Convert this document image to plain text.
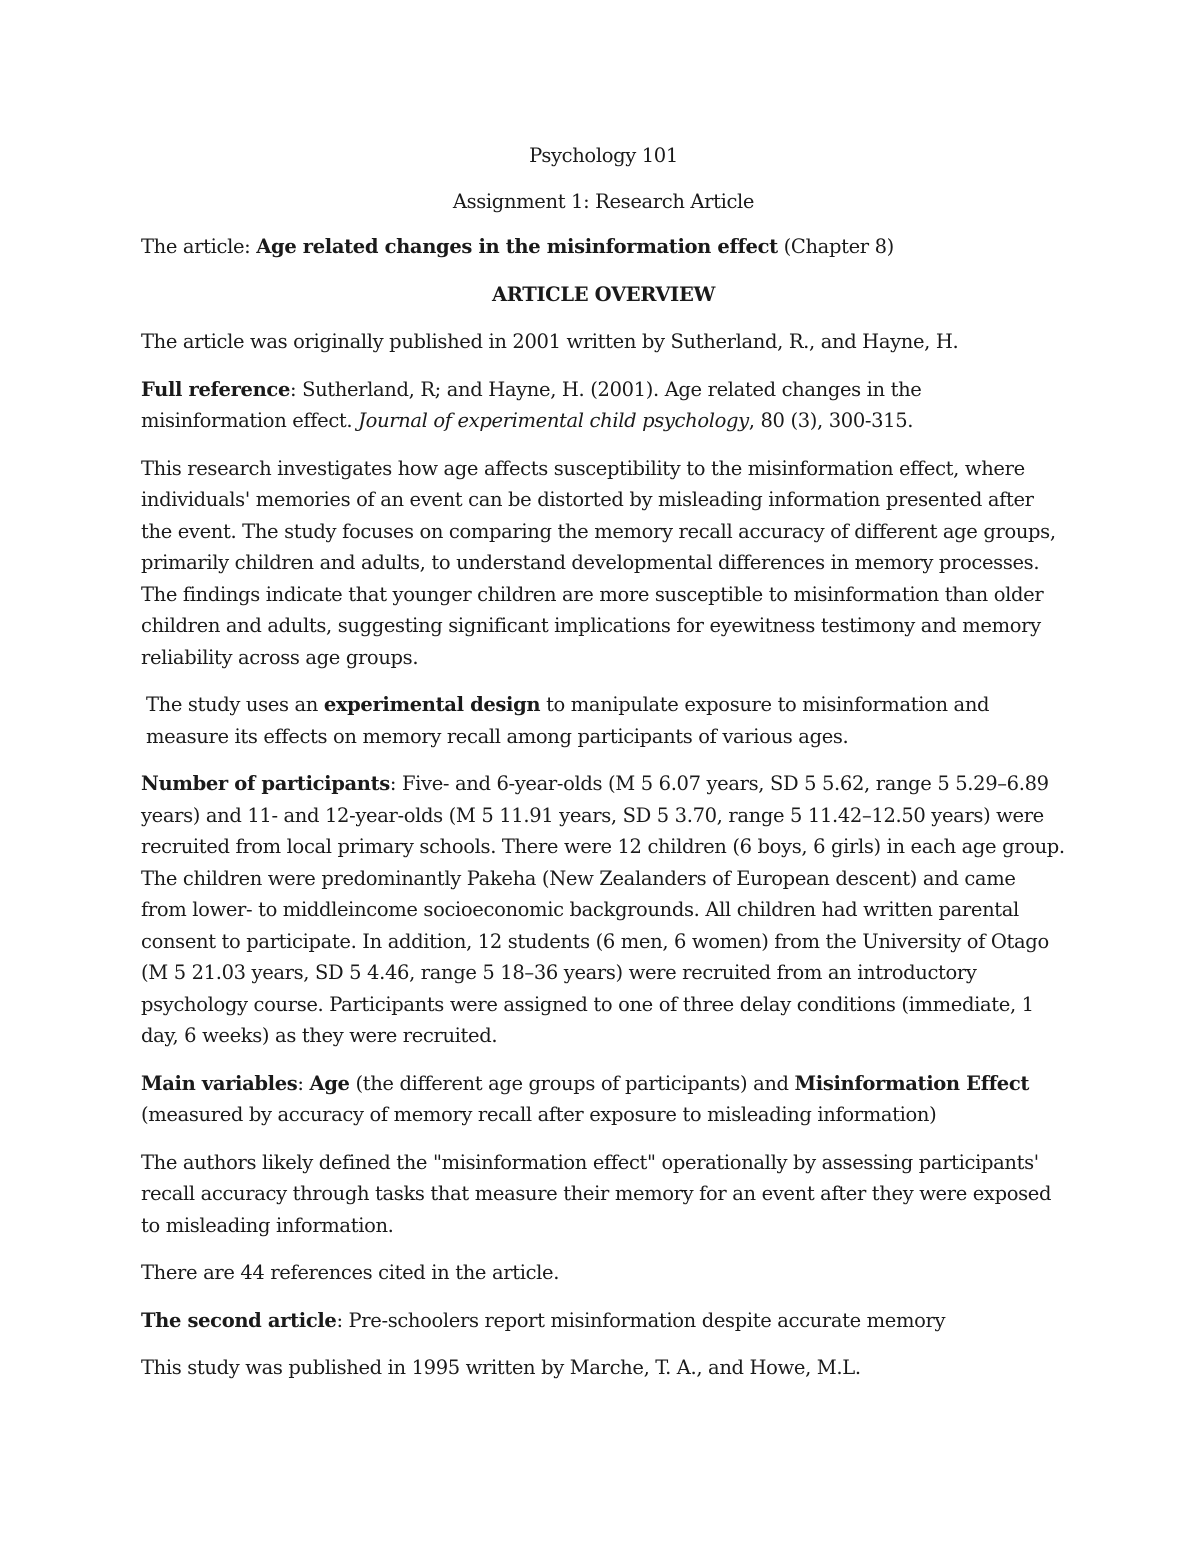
Psychology 101

Assignment 1: Research Article

The article: Age related changes in the misinformation effect (Chapter 8)

ARTICLE OVERVIEW

The article was originally published in 2001 written by Sutherland, R., and Hayne, H.

Full reference: Sutherland, R; and Hayne, H. (2001). Age related changes in the misinformation effect. Journal of experimental child psychology, 80 (3), 300-315.

This research investigates how age affects susceptibility to the misinformation effect, where individuals' memories of an event can be distorted by misleading information presented after the event. The study focuses on comparing the memory recall accuracy of different age groups, primarily children and adults, to understand developmental differences in memory processes. The findings indicate that younger children are more susceptible to misinformation than older children and adults, suggesting significant implications for eyewitness testimony and memory reliability across age groups.

The study uses an experimental design to manipulate exposure to misinformation and measure its effects on memory recall among participants of various ages.

Number of participants: Five- and 6-year-olds (M 5 6.07 years, SD 5 5.62, range 5 5.29–6.89 years) and 11- and 12-year-olds (M 5 11.91 years, SD 5 3.70, range 5 11.42–12.50 years) were recruited from local primary schools. There were 12 children (6 boys, 6 girls) in each age group. The children were predominantly Pakeha (New Zealanders of European descent) and came from lower- to middleincome socioeconomic backgrounds. All children had written parental consent to participate. In addition, 12 students (6 men, 6 women) from the University of Otago (M 5 21.03 years, SD 5 4.46, range 5 18–36 years) were recruited from an introductory psychology course. Participants were assigned to one of three delay conditions (immediate, 1 day, 6 weeks) as they were recruited.

Main variables: Age (the different age groups of participants) and Misinformation Effect (measured by accuracy of memory recall after exposure to misleading information)

The authors likely defined the "misinformation effect" operationally by assessing participants' recall accuracy through tasks that measure their memory for an event after they were exposed to misleading information.

There are 44 references cited in the article.

The second article: Pre-schoolers report misinformation despite accurate memory

This study was published in 1995 written by Marche, T. A., and Howe, M.L.
